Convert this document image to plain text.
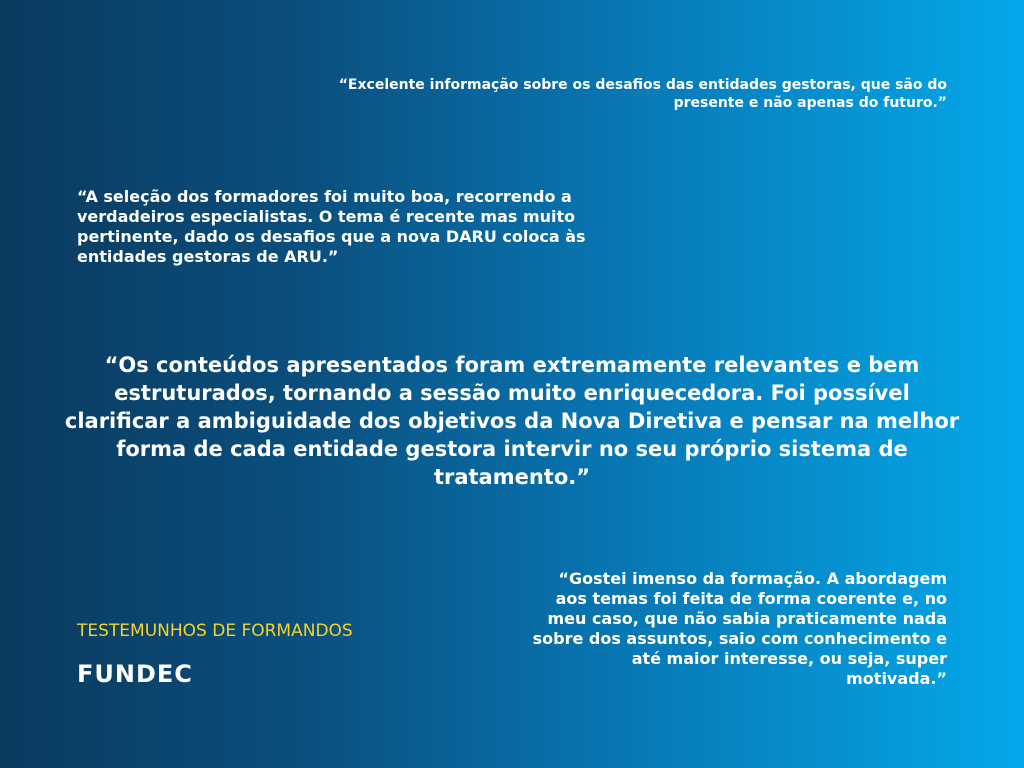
“Excelente informação sobre os desafios das entidades gestoras, que são do presente e não apenas do futuro.”

“A seleção dos formadores foi muito boa, recorrendo a verdadeiros especialistas. O tema é recente mas muito pertinente, dado os desafios que a nova DARU coloca às entidades gestoras de ARU.”

“Os conteúdos apresentados foram extremamente relevantes e bem estruturados, tornando a sessão muito enriquecedora. Foi possível clarificar a ambiguidade dos objetivos da Nova Diretiva e pensar na melhor forma de cada entidade gestora intervir no seu próprio sistema de tratamento.”

“Gostei imenso da formação. A abordagem aos temas foi feita de forma coerente e, no meu caso, que não sabia praticamente nada sobre dos assuntos, saio com conhecimento e até maior interesse, ou seja, super motivada.”

TESTEMUNHOS DE FORMANDOS
FUNDEC
